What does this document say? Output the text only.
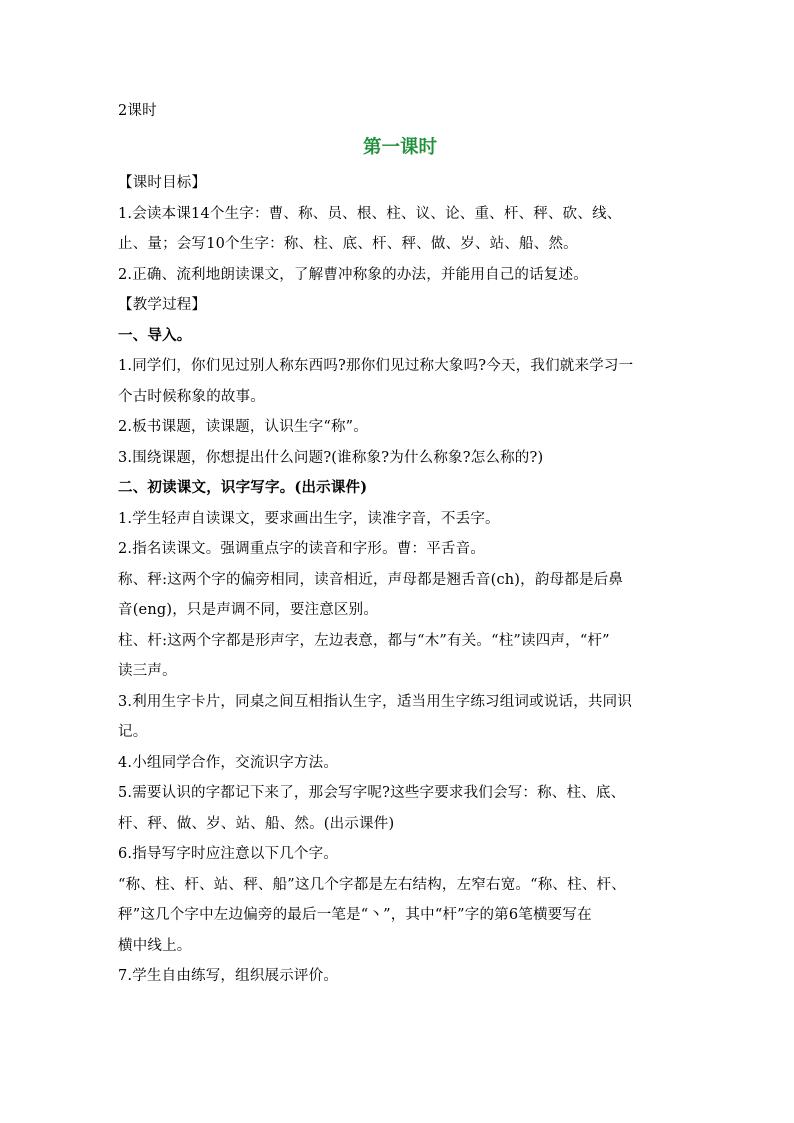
2课时
第一课时
【课时目标】
1.会读本课14个生字：曹、称、员、根、柱、议、论、重、杆、秤、砍、线、
止、量；会写10个生字：称、柱、底、杆、秤、做、岁、站、船、然。
2.正确、流利地朗读课文，了解曹冲称象的办法，并能用自己的话复述。
【教学过程】
一、导入。
1.同学们，你们见过别人称东西吗?那你们见过称大象吗?今天，我们就来学习一
个古时候称象的故事。
2.板书课题，读课题，认识生字“称”。
3.围绕课题，你想提出什么问题?(谁称象?为什么称象?怎么称的?)
二、初读课文，识字写字。(出示课件)
1.学生轻声自读课文，要求画出生字，读准字音，不丢字。
2.指名读课文。强调重点字的读音和字形。曹：平舌音。
称、秤:这两个字的偏旁相同，读音相近，声母都是翘舌音(ch)，韵母都是后鼻
音(eng)，只是声调不同，要注意区别。
柱、杆:这两个字都是形声字，左边表意，都与“木”有关。“柱”读四声，“杆”
读三声。
3.利用生字卡片，同桌之间互相指认生字，适当用生字练习组词或说话，共同识
记。
4.小组同学合作，交流识字方法。
5.需要认识的字都记下来了，那会写字呢?这些字要求我们会写：称、柱、底、
杆、秤、做、岁、站、船、然。(出示课件)
6.指导写字时应注意以下几个字。
“称、柱、杆、站、秤、船”这几个字都是左右结构，左窄右宽。“称、柱、杆、
秤”这几个字中左边偏旁的最后一笔是“丶”，其中“杆”字的第6笔横要写在
横中线上。
7.学生自由练写，组织展示评价。
